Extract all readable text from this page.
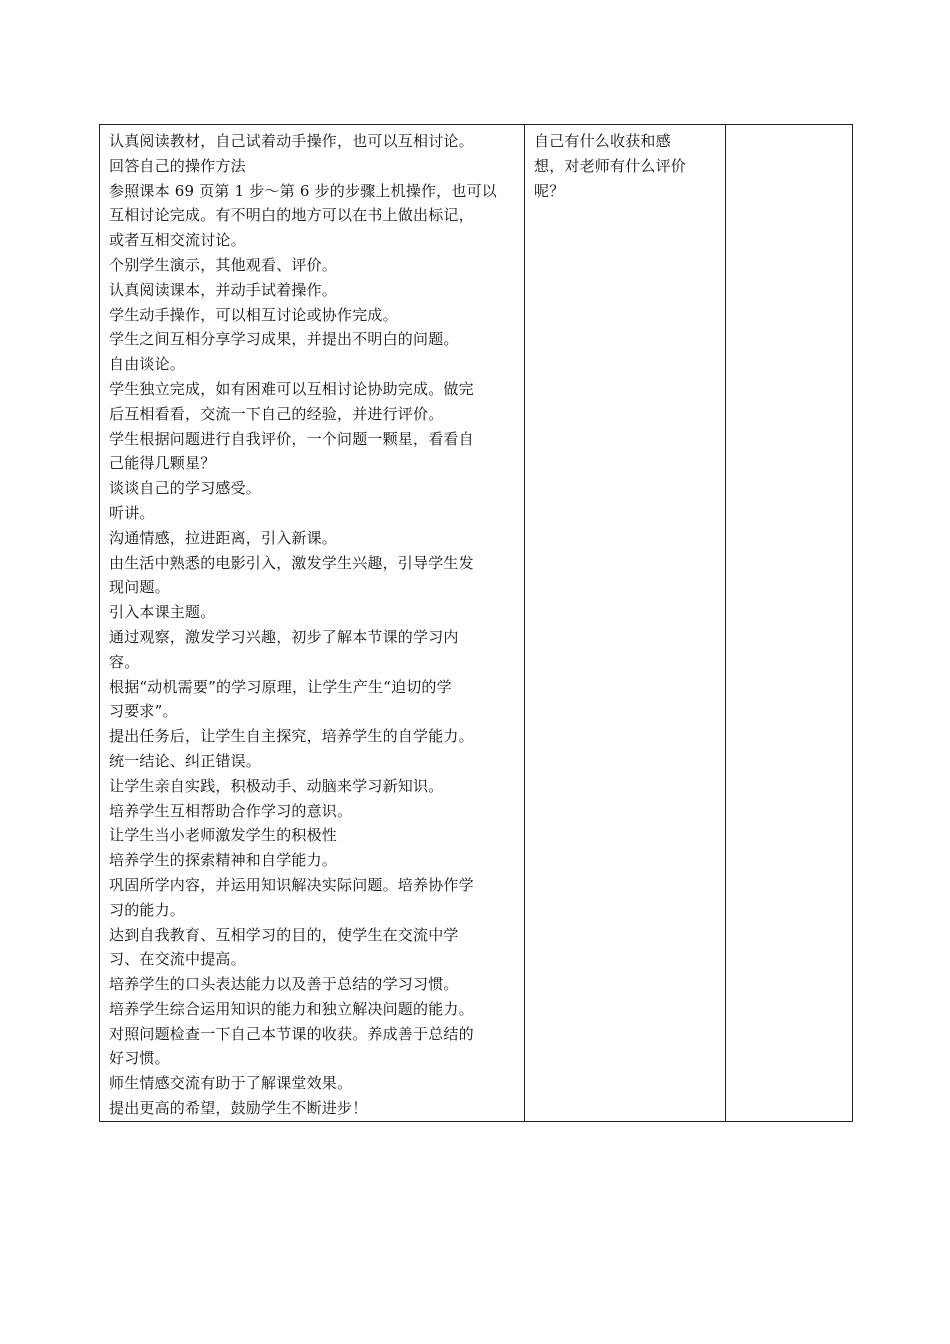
认真阅读教材，自己试着动手操作，也可以互相讨论。
回答自己的操作方法
参照课本 69 页第 1 步～第 6 步的步骤上机操作，也可以
互相讨论完成。有不明白的地方可以在书上做出标记，
或者互相交流讨论。
个别学生演示，其他观看、评价。
认真阅读课本，并动手试着操作。
学生动手操作，可以相互讨论或协作完成。
学生之间互相分享学习成果，并提出不明白的问题。
自由谈论。
学生独立完成，如有困难可以互相讨论协助完成。做完
后互相看看，交流一下自己的经验，并进行评价。
学生根据问题进行自我评价，一个问题一颗星，看看自
己能得几颗星？
谈谈自己的学习感受。
听讲。
沟通情感，拉进距离，引入新课。
由生活中熟悉的电影引入，激发学生兴趣，引导学生发
现问题。
引入本课主题。
通过观察，激发学习兴趣，初步了解本节课的学习内
容。
根据“动机需要”的学习原理，让学生产生“迫切的学
习要求”。
提出任务后，让学生自主探究，培养学生的自学能力。
统一结论、纠正错误。
让学生亲自实践，积极动手、动脑来学习新知识。
培养学生互相帮助合作学习的意识。
让学生当小老师激发学生的积极性
培养学生的探索精神和自学能力。
巩固所学内容，并运用知识解决实际问题。培养协作学
习的能力。
达到自我教育、互相学习的目的，使学生在交流中学
习、在交流中提高。
培养学生的口头表达能力以及善于总结的学习习惯。
培养学生综合运用知识的能力和独立解决问题的能力。
对照问题检查一下自己本节课的收获。养成善于总结的
好习惯。
师生情感交流有助于了解课堂效果。
提出更高的希望，鼓励学生不断进步！

自己有什么收获和感
想，对老师有什么评价
呢？
